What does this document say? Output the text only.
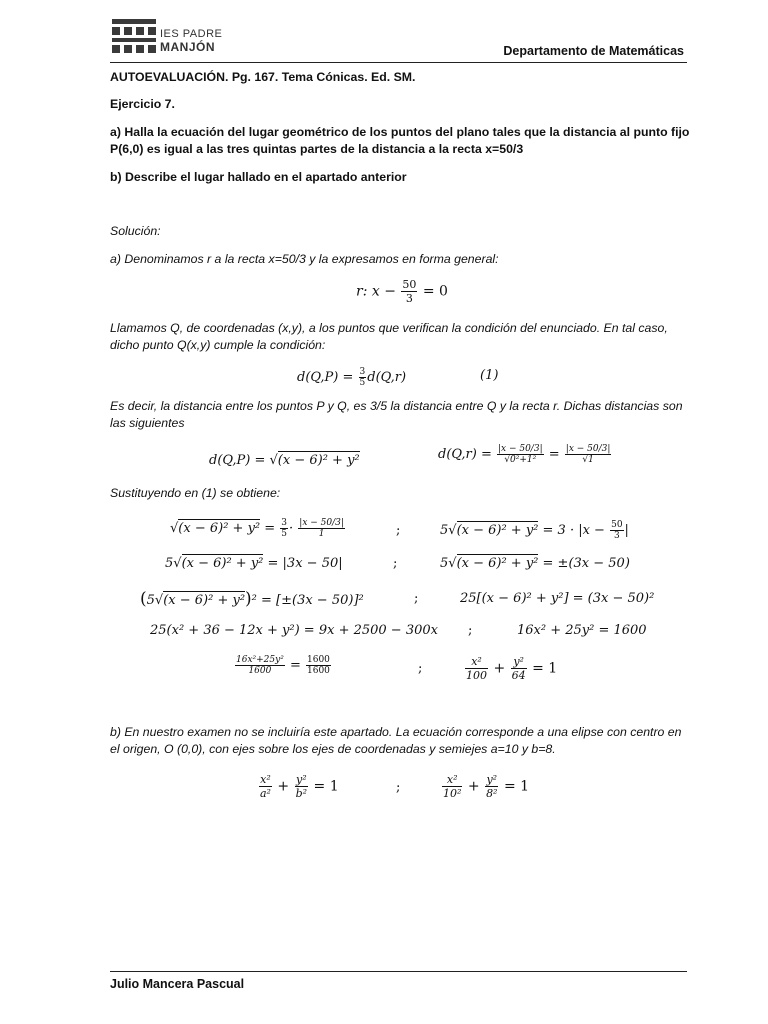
IES PADRE
MANJÓN	Departamento de Matemáticas
AUTOEVALUACIÓN. Pg. 167. Tema Cónicas. Ed. SM.
Ejercicio 7.
a) Halla la ecuación del lugar geométrico de los puntos del plano tales que la distancia al punto fijo P(6,0) es igual a las tres quintas partes de la distancia a la recta x=50/3
b) Describe el lugar hallado en el apartado anterior
Solución:
a) Denominamos r a la recta x=50/3 y la expresamos en forma general:
r: $x - \frac{50}{3} = 0$
Llamamos Q, de coordenadas (x,y), a los puntos que verifican la condición del enunciado. En tal caso, dicho punto Q(x,y) cumple la condición:
$d(Q,P) = \frac{3}{5} d(Q,r)$	(1)
Es decir, la distancia entre los puntos P y Q, es 3/5 la distancia entre Q y la recta r. Dichas distancias son las siguientes
d(Q,P) = √(x − 6)² + y²	$d(Q,r) = \frac{|x - 50/3|}{\text{√0²+1²}} = \frac{|x - 50/3|}{√1}$
Sustituyendo en (1) se obtiene:
$√(x - 6)^2 + y^2 = \frac{3}{5} \cdot \frac{|x - 50/3|}{1}$	;	$5√(x - 6)^2 + y^2 = 3 \cdot |x - \frac{50}{3}$ |
5√(x − 6)² + y² = |3x − 50|	;	5√(x − 6)² + y² = ±(3x − 50)
(5√(x − 6)² + y²)² = [±(3x − 50)]²	;	25[(x − 6)² + y²] = (3x − 50)²
25(x² + 36 − 12x + y²) = 9x + 2500 − 300x ;	16x² + 25y² = 1600
$\frac{\text{16x²+25y²}}{1600} = \frac{1600}{1600}$	;	$\frac{\text{x²}}{100} + \frac{\text{y²}}{64} = 1$
b) En nuestro examen no se incluiría este apartado. La ecuación corresponde a una elipse con centro en el origen, O (0,0), con ejes sobre los ejes de coordenadas y semiejes a=10 y b=8.
$\frac{\text{x²}}{\text{a²}} + \frac{\text{y²}}{\text{b²}} = 1$	;	$\frac{\text{x²}}{\text{10²}} + \frac{\text{y²}}{\text{8²}} = 1$
Julio Mancera Pascual
